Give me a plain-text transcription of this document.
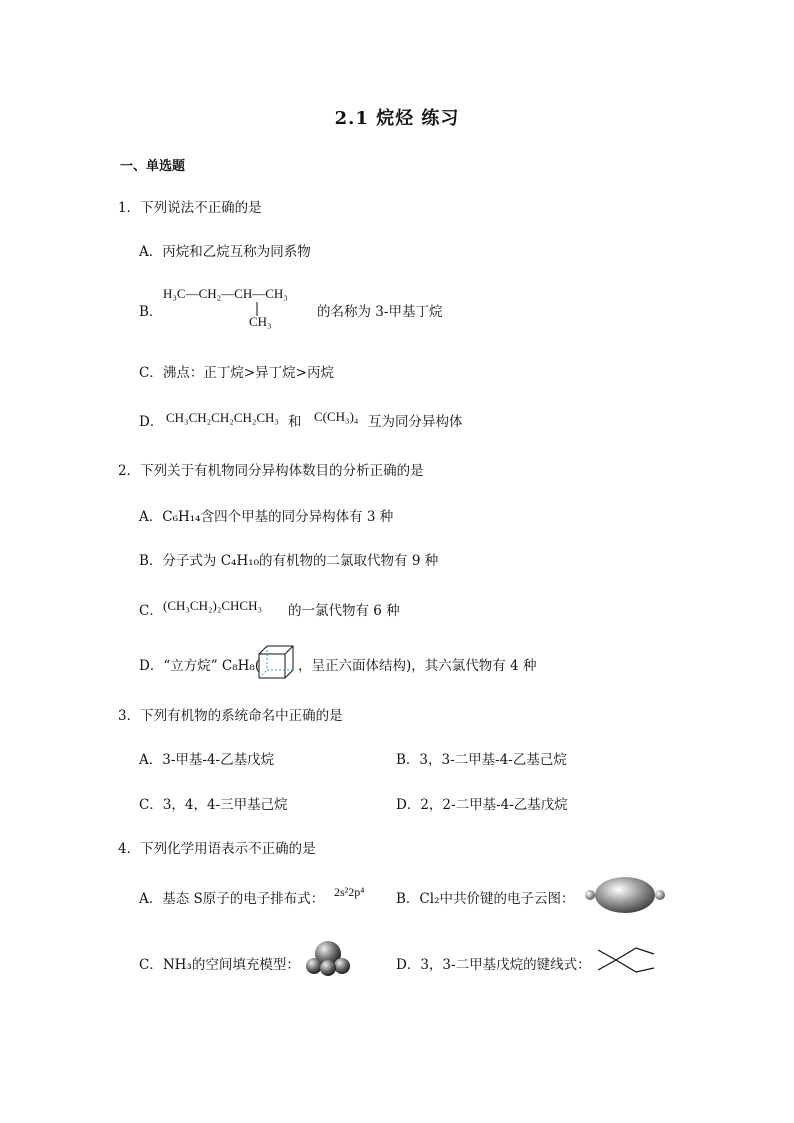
2.1 烷烃 练习
一、单选题
1．下列说法不正确的是
A．丙烷和乙烷互称为同系物
B．
H₃C—CH₂—CH—CH₃
CH₃
的名称为 3-甲基丁烷
C．沸点：正丁烷>异丁烷>丙烷
D． CH₃CH₂CH₂CH₂CH₃ 和 C(CH₃)₄ 互为同分异构体
2．下列关于有机物同分异构体数目的分析正确的是
A．C₆H₁₄含四个甲基的同分异构体有 3 种
B．分子式为 C₄H₁₀的有机物的二氯取代物有 9 种
C． (CH₃CH₂)₂CHCH₃ 的一氯代物有 6 种
D．“立方烷” C₈H₈(	，呈正六面体结构)，其六氯代物有 4 种
3．下列有机物的系统命名中正确的是
A．3-甲基-4-乙基戊烷	B．3，3-二甲基-4-乙基己烷
C．3，4，4-三甲基己烷	D．2，2-二甲基-4-乙基戊烷
4．下列化学用语表示不正确的是
A．基态 S原子的电子排布式： 2s²2p⁴ B．Cl₂中共价键的电子云图：
C．NH₃的空间填充模型：	D．3，3-二甲基戊烷的键线式：
